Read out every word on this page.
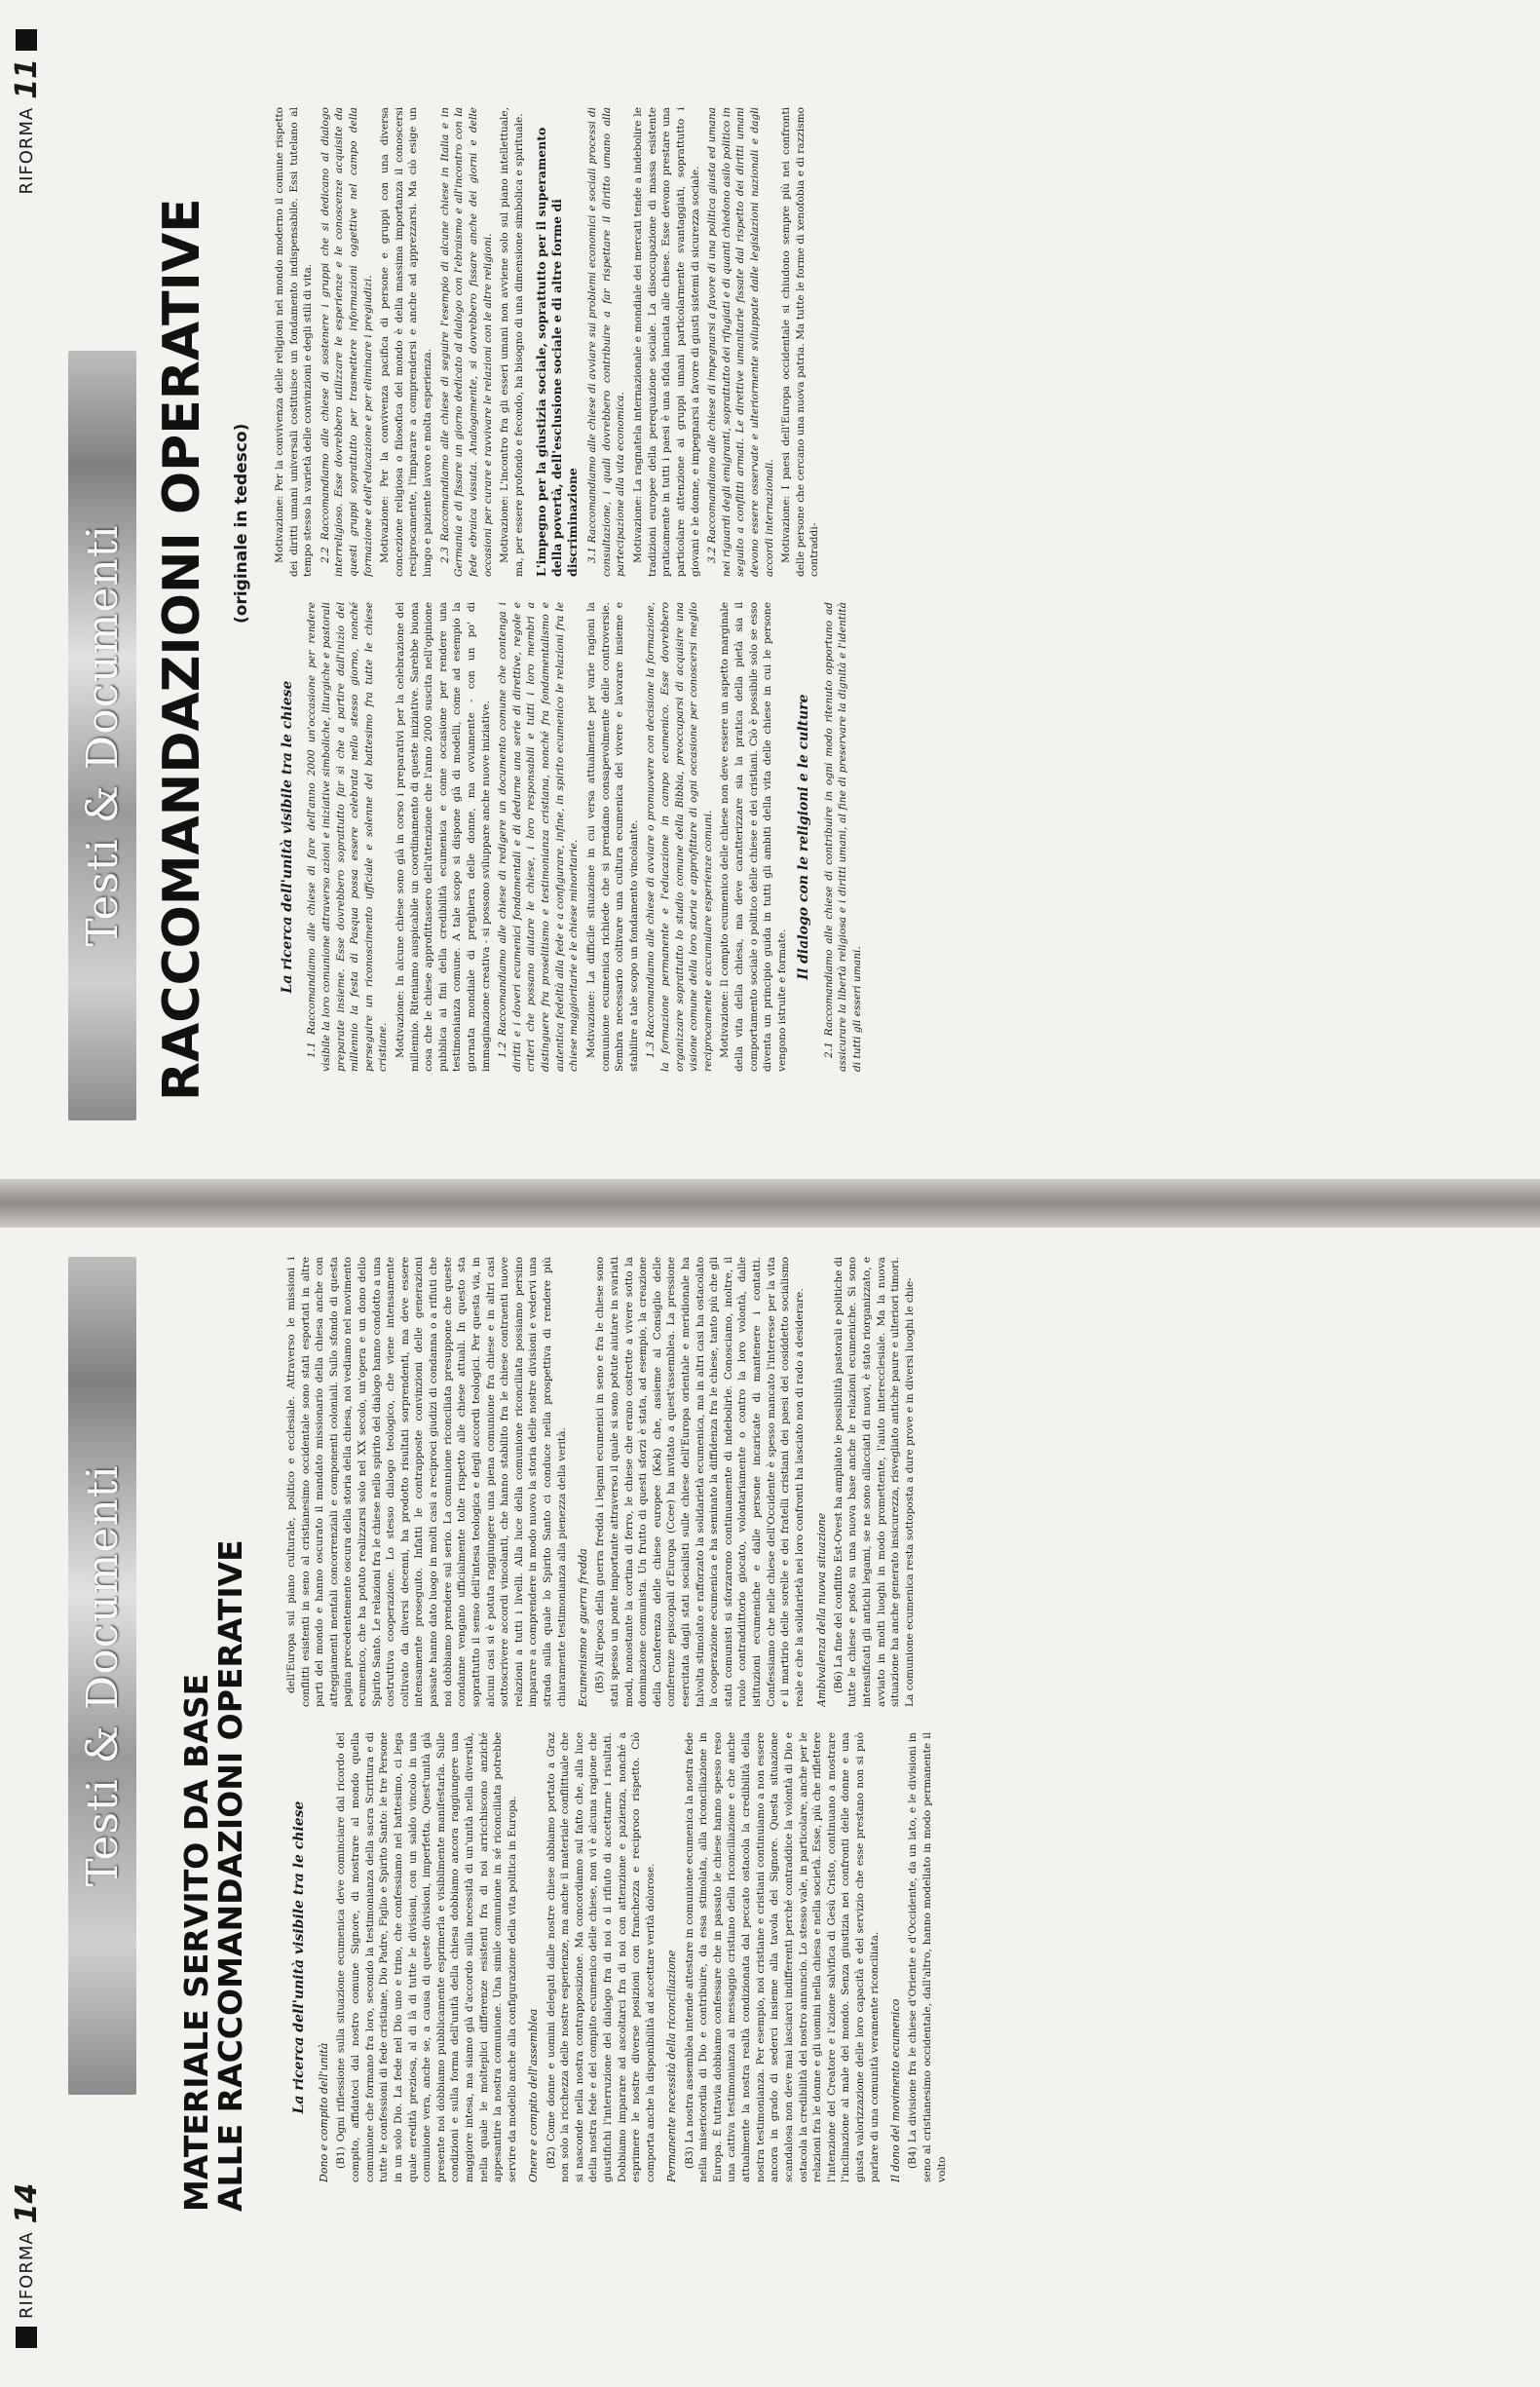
RIFORMA
14
Testi & Documenti MATERIALE SERVITO DA BASE
ALLE RACCOMANDAZIONI OPERATIVE	La ricerca dell'unità visibile tra le chiese Dono e compito dell'unità (B1) Ogni riflessione sulla situazione ecumenica deve cominciare dal ricordo del compito, affidatoci dal nostro comune Signore, di mostrare al mondo quella comunione che formano fra loro, secondo la testimonianza della sacra Scrittura e di tutte le confessioni di fede cristiane, Dio Padre, Figlio e Spirito Santo: le tre Persone in un solo Dio. La fede nel Dio uno e trino, che confessiamo nel battesimo, ci lega quale eredità preziosa, al di là di tutte le divisioni, con un saldo vincolo in una comunione vera, anche se, a causa di queste divisioni, imperfetta. Quest'unità già presente noi dobbiamo pubblicamente esprimerla e visibilmente manifestarla. Sulle condizioni e sulla forma dell'unità della chiesa dobbiamo ancora raggiungere una maggiore intesa, ma siamo già d'accordo sulla necessità di un'unità nella diversità, nella quale le molteplici differenze esistenti fra di noi arricchiscono anziché appesantire la nostra comunione. Una simile comunione in sé riconciliata potrebbe servire da modello anche alla configurazione della vita politica in Europa. Onere e compito dell'assemblea (B2) Come donne e uomini delegati dalle nostre chiese abbiamo portato a Graz non solo la ricchezza delle nostre esperienze, ma anche il materiale conflittuale che si nasconde nella nostra contrapposizione. Ma concordiamo sul fatto che, alla luce della nostra fede e del compito ecumenico delle chiese, non vi è alcuna ragione che giustifichi l'interruzione del dialogo fra di noi o il rifiuto di accettarne i risultati. Dobbiamo imparare ad ascoltarci fra di noi con attenzione e pazienza, nonché a esprimere le nostre diverse posizioni con franchezza e reciproco rispetto. Ciò comporta anche la disponibilità ad accettare verità dolorose. Permanente necessità della riconciliazione (B3) La nostra assemblea intende attestare in comunione ecumenica la nostra fede nella misericordia di Dio e contribuire, da essa stimolata, alla riconciliazione in Europa. È tuttavia dobbiamo confessare che in passato le chiese hanno spesso reso una cattiva testimonianza al messaggio cristiano della riconciliazione e che anche attualmente la nostra realtà condizionata dal peccato ostacola la credibilità della nostra testimonianza. Per esempio, noi cristiane e cristiani continuiamo a non essere ancora in grado di sederci insieme alla tavola del Signore. Questa situazione scandalosa non deve mai lasciarci indifferenti perché contraddice la volontà di Dio e ostacola la credibilità del nostro annuncio. Lo stesso vale, in particolare, anche per le relazioni fra le donne e gli uomini nella chiesa e nella società. Esse, più che riflettere l'intenzione del Creatore e l'azione salvifica di Gesù Cristo, continuano a mostrare l'inclinazione al male del mondo. Senza giustizia nei confronti delle donne e una giusta valorizzazione delle loro capacità e del servizio che esse prestano non si può parlare di una comunità veramente riconciliata. Il dono del movimento ecumenico (B4) La divisione fra le chiese d'Oriente e d'Occidente, da un lato, e le divisioni in seno al cristianesimo occidentale, dall'altro, hanno modellato in modo permanente il volto

dell'Europa sul piano culturale, politico e ecclesiale. Attraverso le missioni i conflitti esistenti in seno al cristianesimo occidentale sono stati esportati in altre parti del mondo e hanno oscurato il mandato missionario della chiesa anche con atteggiamenti mentali concorrenziali e componenti coloniali. Sullo sfondo di questa pagina precedentemente oscura della storia della chiesa, noi vediamo nel movimento ecumenico, che ha potuto realizzarsi solo nel XX secolo, un'opera e un dono dello Spirito Santo. Le relazioni fra le chiese nello spirito del dialogo hanno condotto a una costruttiva cooperazione. Lo stesso dialogo teologico, che viene intensamente coltivato da diversi decenni, ha prodotto risultati sorprendenti, ma deve essere intensamente proseguito. Infatti le contrapposte convinzioni delle generazioni passate hanno dato luogo in molti casi a reciproci giudizi di condanna o a rifiuti che noi dobbiamo prendere sul serio. La comunione riconciliata presuppone che queste condanne vengano ufficialmente tolte rispetto alle chiese attuali. In questo sta soprattutto il senso dell'intesa teologica e degli accordi teologici. Per questa via, in alcuni casi si è potuta raggiungere una piena comunione fra chiese e in altri casi sottoscrivere accordi vincolanti, che hanno stabilito fra le chiese contraenti nuove relazioni a tutti i livelli. Alla luce della comunione riconciliata possiamo persino imparare a comprendere in modo nuovo la storia delle nostre divisioni e vedervi una strada sulla quale lo Spirito Santo ci conduce nella prospettiva di rendere più chiaramente testimonianza alla pienezza della verità. Ecumenismo e guerra fredda (B5) All'epoca della guerra fredda i legami ecumenici in seno e fra le chiese sono stati spesso un ponte importante attraverso il quale si sono potute aiutare in svariati modi, nonostante la cortina di ferro, le chiese che erano costrette a vivere sotto la dominazione comunista. Un frutto di questi sforzi è stata, ad esempio, la creazione della Conferenza delle chiese europee (Kek) che, assieme al Consiglio delle conferenze episcopali d'Europa (Ccee) ha invitato a quest'assemblea. La pressione esercitata dagli stati socialisti sulle chiese dell'Europa orientale e meridionale ha talvolta stimolato e rafforzato la solidarietà ecumenica, ma in altri casi ha ostacolato la cooperazione ecumenica e ha seminato la diffidenza fra le chiese, tanto più che gli stati comunisti si sforzarono continuamente di indebolirle. Conosciamo, inoltre, il ruolo contraddittorio giocato, volontariamente o contro la loro volontà, dalle istituzioni ecumeniche e dalle persone incaricate di mantenere i contatti. Confessiamo che nelle chiese dell'Occidente è spesso mancato l'interesse per la vita e il martirio delle sorelle e dei fratelli cristiani dei paesi del cosiddetto socialismo reale e che la solidarietà nei loro confronti ha lasciato non di rado a desiderare. Ambivalenza della nuova situazione (B6) La fine del conflitto Est-Ovest ha ampliato le possibilità pastorali e politiche di tutte le chiese e posto su una nuova base anche le relazioni ecumeniche. Si sono intensificati gli antichi legami, se ne sono allacciati di nuovi, è stato riorganizzato, e avviato in molti luoghi in modo promettente, l'aiuto interecclesiale. Ma la nuova situazione ha anche generato insicurezza, risvegliato antiche paure e ulteriori timori. La comunione ecumenica resta sottoposta a dure prove e in diversi luoghi le chie-

RIFORMA
11
Testi & Documenti RACCOMANDAZIONI OPERATIVE (originale in tedesco)
La ricerca dell'unità visibile tra le chiese 1.1 Raccomandiamo alle chiese di fare dell'anno 2000 un'occasione per rendere visibile la loro comunione attraverso azioni e iniziative simboliche, liturgiche e pastorali preparate insieme. Esse dovrebbero soprattutto far sì che a partire dall'inizio del millennio la festa di Pasqua possa essere celebrata nello stesso giorno, nonché perseguire un riconoscimento ufficiale e solenne del battesimo fra tutte le chiese cristiane. Motivazione: In alcune chiese sono già in corso i preparativi per la celebrazione del millennio. Riteniamo auspicabile un coordinamento di queste iniziative. Sarebbe buona cosa che le chiese approfittassero dell'attenzione che l'anno 2000 suscita nell'opinione pubblica ai fini della credibilità ecumenica e come occasione per rendere una testimonianza comune. A tale scopo si dispone già di modelli, come ad esempio la giornata mondiale di preghiera delle donne, ma ovviamente - con un po' di immaginazione creativa - si possono sviluppare anche nuove iniziative. 1.2 Raccomandiamo alle chiese di redigere un documento comune che contenga i diritti e i doveri ecumenici fondamentali e di dedurne una serie di direttive, regole e criteri che possano aiutare le chiese, i loro responsabili e tutti i loro membri a distinguere fra proselitismo e testimonianza cristiana, nonché fra fondamentalismo e autentica fedeltà alla fede e a configurare, infine, in spirito ecumenico le relazioni fra le chiese maggioritarie e le chiese minoritarie. Motivazione: La difficile situazione in cui versa attualmente per varie ragioni la comunione ecumenica richiede che si prendano consapevolmente delle controversie. Sembra necessario coltivare una cultura ecumenica del vivere e lavorare insieme e stabilire a tale scopo un fondamento vincolante. 1.3 Raccomandiamo alle chiese di avviare o promuovere con decisione la formazione, la formazione permanente e l'educazione in campo ecumenico. Esse dovrebbero organizzare soprattutto lo studio comune della Bibbia, preoccuparsi di acquisire una visione comune della loro storia e approfittare di ogni occasione per conoscersi meglio reciprocamente e accumulare esperienze comuni. Motivazione: Il compito ecumenico delle chiese non deve essere un aspetto marginale della vita della chiesa, ma deve caratterizzare sia la pratica della pietà sia il comportamento sociale o politico delle chiese e dei cristiani. Ciò è possibile solo se esso diventa un principio guida in tutti gli ambiti della vita delle chiese in cui le persone vengono istruite e formate.

Il dialogo con le religioni e le culture 2.1 Raccomandiamo alle chiese di contribuire in ogni modo ritenuto opportuno ad assicurare la libertà religiosa e i diritti umani, al fine di preservare la dignità e l'identità di tutti gli esseri umani.

Motivazione: Per la convivenza delle religioni nel mondo moderno il comune rispetto dei diritti umani universali costituisce un fondamento indispensabile. Essi tutelano al tempo stesso la varietà delle convinzioni e degli stili di vita. 2.2 Raccomandiamo alle chiese di sostenere i gruppi che si dedicano al dialogo interreligioso. Esse dovrebbero utilizzare le esperienze e le conoscenze acquisite da questi gruppi soprattutto per trasmettere informazioni oggettive nel campo della formazione e dell'educazione e per eliminare i pregiudizi. Motivazione: Per la convivenza pacifica di persone e gruppi con una diversa concezione religiosa o filosofica del mondo è della massima importanza il conoscersi reciprocamente, l'imparare a comprendersi e anche ad apprezzarsi. Ma ciò esige un lungo e paziente lavoro e molta esperienza. 2.3 Raccomandiamo alle chiese di seguire l'esempio di alcune chiese in Italia e in Germania e di fissare un giorno dedicato al dialogo con l'ebraismo e all'incontro con la fede ebraica vissuta. Analogamente, si dovrebbero fissare anche dei giorni e delle occasioni per curare e ravvivare le relazioni con le altre religioni. Motivazione: L'incontro fra gli esseri umani non avviene solo sul piano intellettuale, ma, per essere profondo e fecondo, ha bisogno di una dimensione simbolica e spirituale. L'impegno per la giustizia sociale, soprattutto per il superamento della povertà, dell'esclusione sociale e di altre forme di discriminazione 3.1 Raccomandiamo alle chiese di avviare sui problemi economici e sociali processi di consultazione, i quali dovrebbero contribuire a far rispettare il diritto umano alla partecipazione alla vita economica. Motivazione: La ragnatela internazionale e mondiale dei mercati tende a indebolire le tradizioni europee della perequazione sociale. La disoccupazione di massa esistente praticamente in tutti i paesi è una sfida lanciata alle chiese. Esse devono prestare una particolare attenzione ai gruppi umani particolarmente svantaggiati, soprattutto i giovani e le donne, e impegnarsi a favore di giusti sistemi di sicurezza sociale. 3.2 Raccomandiamo alle chiese di impegnarsi a favore di una politica giusta ed umana nei riguardi degli emigranti, soprattutto dei rifugiati e di quanti chiedono asilo politico in seguito a conflitti armati. Le direttive umanitarie fissate dal rispetto dei diritti umani devono essere osservate e ulteriormente sviluppate dalle legislazioni nazionali e dagli accordi internazionali. Motivazione: I paesi dell'Europa occidentale si chiudono sempre più nei confronti delle persone che cercano una nuova patria. Ma tutte le forme di xenofobia e di razzismo contraddi-
